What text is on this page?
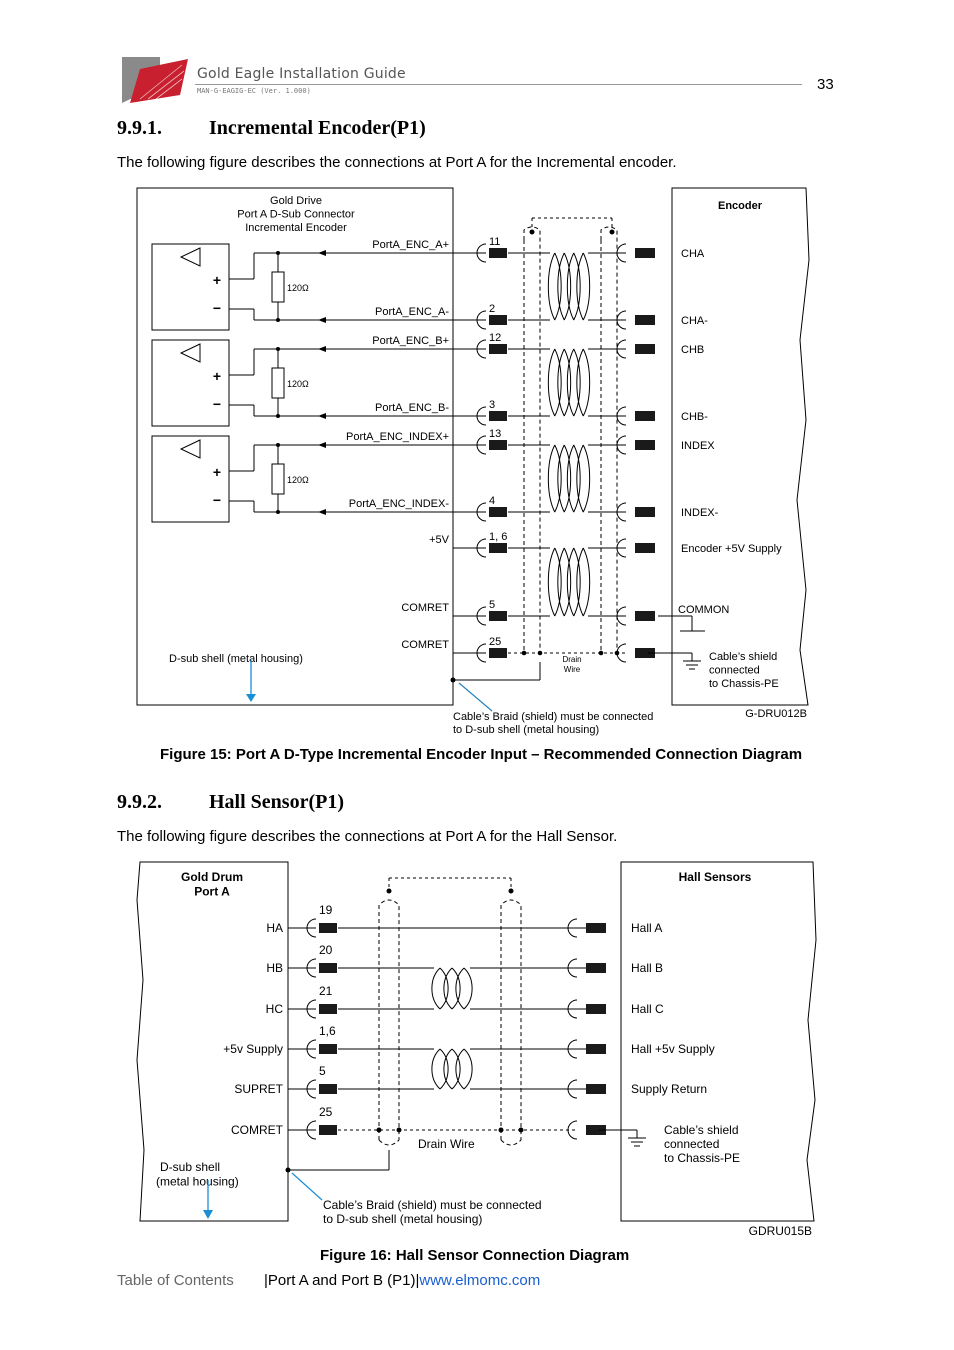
Gold Eagle Installation Guide
MAN-G-EAGIG-EC (Ver. 1.000)	33
9.9.1. Incremental Encoder(P1)
The following figure describes the connections at Port A for the Incremental encoder.
Gold Drive
Port A D-Sub Connector
Incremental Encoder
Encoder
PortA_ENC_A+
PortA_ENC_A-
PortA_ENC_B+
PortA_ENC_B-
PortA_ENC_INDEX+
PortA_ENC_INDEX-
+5V
COMRET
COMRET
11
2
12
3
13
4
1, 6
5
25
CHA
CHA-
CHB
CHB-
INDEX
INDEX-
Encoder +5V Supply
COMMON
Drain
Wire
Cable’s shield
connected
to Chassis-PE
Cable’s Braid (shield) must be connected
to D-sub shell (metal housing)
G-DRU012B
D-sub shell (metal housing)
+
−
120Ω
+
−
120Ω
+
−
120Ω
Figure 15: Port A D-Type Incremental Encoder Input – Recommended Connection Diagram
9.9.2. Hall Sensor(P1)
The following figure describes the connections at Port A for the Hall Sensor.
Gold Drum
Port A
Hall Sensors
HA
HB
HC
+5v Supply
SUPRET
COMRET
19
20
21
1,6
5
25
Hall A
Hall B
Hall C
Hall +5v Supply
Supply Return
Drain Wire
Cable’s shield
connected
to Chassis-PE
Cable’s Braid (shield) must be connected
to D-sub shell (metal housing)
D-sub shell
(metal housing)
GDRU015B
Figure 16: Hall Sensor Connection Diagram
Table of Contents |Port A and Port B (P1)|www.elmomc.com
